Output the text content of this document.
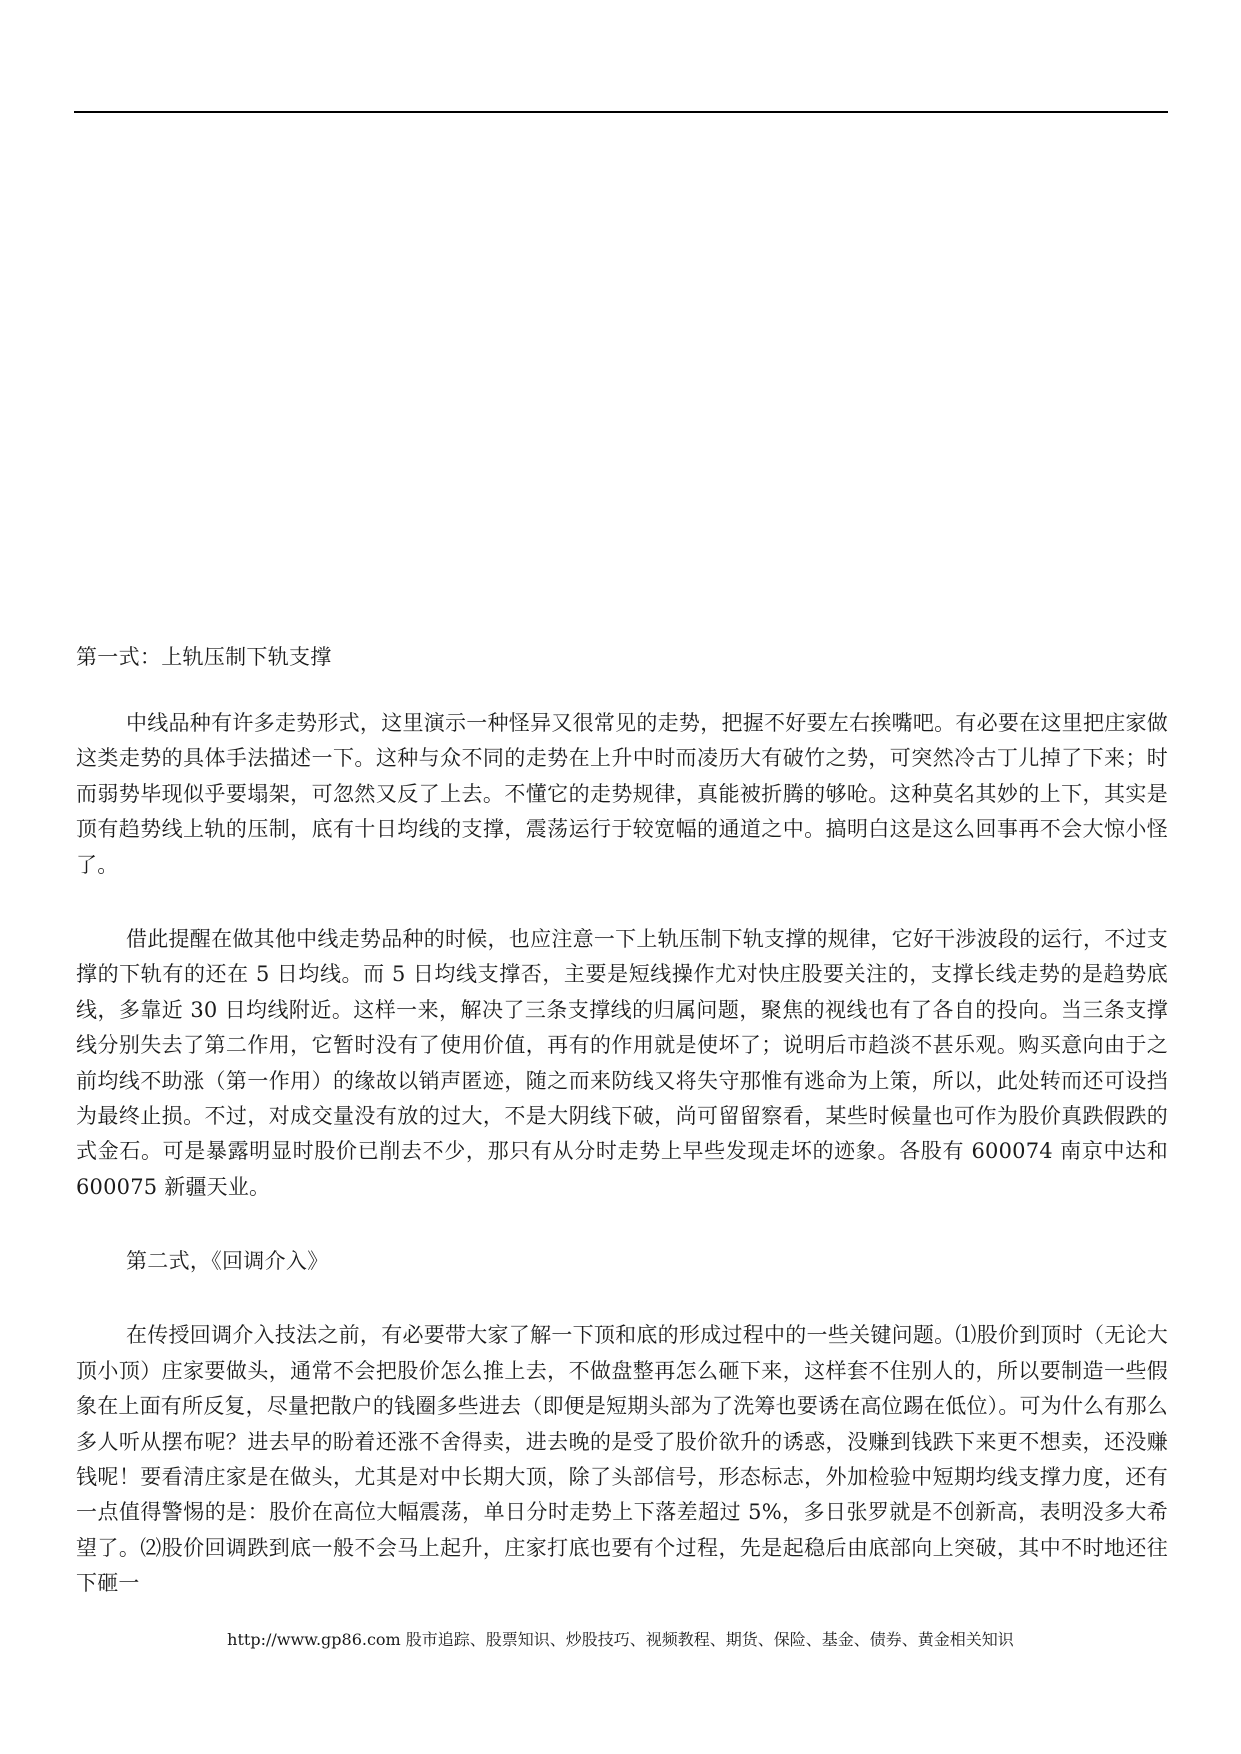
第一式：上轨压制下轨支撑

中线品种有许多走势形式，这里演示一种怪异又很常见的走势，把握不好要左右挨嘴吧。有必要在这里把庄家做这类走势的具体手法描述一下。这种与众不同的走势在上升中时而凌历大有破竹之势，可突然冷古丁儿掉了下来；时而弱势毕现似乎要塌架，可忽然又反了上去。不懂它的走势规律，真能被折腾的够呛。这种莫名其妙的上下，其实是顶有趋势线上轨的压制，底有十日均线的支撑，震荡运行于较宽幅的通道之中。搞明白这是这么回事再不会大惊小怪了。

借此提醒在做其他中线走势品种的时候，也应注意一下上轨压制下轨支撑的规律，它好干涉波段的运行，不过支撑的下轨有的还在 5 日均线。而 5 日均线支撑否，主要是短线操作尤对快庄股要关注的，支撑长线走势的是趋势底线，多靠近 30 日均线附近。这样一来，解决了三条支撑线的归属问题，聚焦的视线也有了各自的投向。当三条支撑线分别失去了第二作用，它暂时没有了使用价值，再有的作用就是使坏了；说明后市趋淡不甚乐观。购买意向由于之前均线不助涨（第一作用）的缘故以销声匿迹，随之而来防线又将失守那惟有逃命为上策，所以，此处转而还可设挡为最终止损。不过，对成交量没有放的过大，不是大阴线下破，尚可留留察看，某些时候量也可作为股价真跌假跌的式金石。可是暴露明显时股价已削去不少，那只有从分时走势上早些发现走坏的迹象。各股有 600074 南京中达和 600075 新疆天业。

第二式，《回调介入》

在传授回调介入技法之前，有必要带大家了解一下顶和底的形成过程中的一些关键问题。⑴股价到顶时（无论大顶小顶）庄家要做头，通常不会把股价怎么推上去，不做盘整再怎么砸下来，这样套不住别人的，所以要制造一些假象在上面有所反复，尽量把散户的钱圈多些进去（即便是短期头部为了洗筹也要诱在高位踢在低位）。可为什么有那么多人听从摆布呢？进去早的盼着还涨不舍得卖，进去晚的是受了股价欲升的诱惑，没赚到钱跌下来更不想卖，还没赚钱呢！要看清庄家是在做头，尤其是对中长期大顶，除了头部信号，形态标志，外加检验中短期均线支撑力度，还有一点值得警惕的是：股价在高位大幅震荡，单日分时走势上下落差超过 5%，多日张罗就是不创新高，表明没多大希望了。⑵股价回调跌到底一般不会马上起升，庄家打底也要有个过程，先是起稳后由底部向上突破，其中不时地还往下砸一

http://www.gp86.com 股市追踪、股票知识、炒股技巧、视频教程、期货、保险、基金、债券、黄金相关知识
